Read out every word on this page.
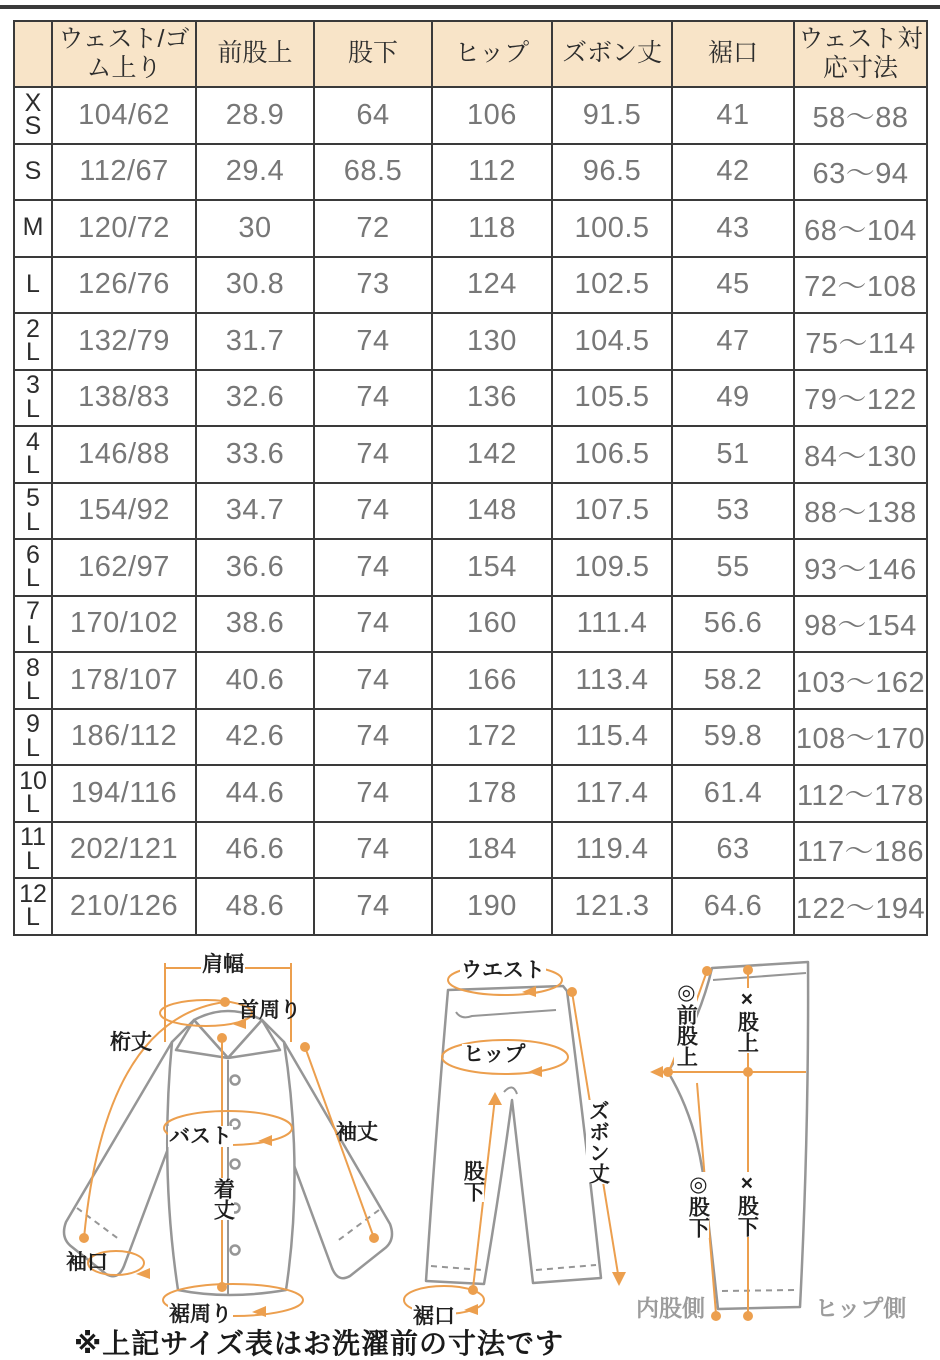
	ウェスト/ゴム上り	前股上	股下	ヒップ	ズボン丈	裾口	ウェスト対応寸法

X
S	104/62	28.9	64	106	91.5	41	58〜88

S	112/67	29.4	68.5	112	96.5	42	63〜94

M	120/72	30	72	118	100.5	43	68〜104

L	126/76	30.8	73	124	102.5	45	72〜108

2
L	132/79	31.7	74	130	104.5	47	75〜114

3
L	138/83	32.6	74	136	105.5	49	79〜122

4
L	146/88	33.6	74	142	106.5	51	84〜130

5
L	154/92	34.7	74	148	107.5	53	88〜138

6
L	162/97	36.6	74	154	109.5	55	93〜146

7
L	170/102	38.6	74	160	111.4	56.6	98〜154

8
L	178/107	40.6	74	166	113.4	58.2	103〜162

9
L	186/112	42.6	74	172	115.4	59.8	108〜170

10
L	194/116	44.6	74	178	117.4	61.4	112〜178

11
L	202/121	46.6	74	184	119.4	63	117〜186

12
L	210/126	48.6	74	190	121.3	64.6	122〜194
肩幅
首周り
桁丈
バスト	袖丈
着丈
袖口
裾周り
ウエスト
ヒップ
ズボン丈
股下
裾口
◎前股上 ×股上
◎股下 ×股下
内股側	ヒップ側
※上記サイズ表はお洗濯前の寸法です
